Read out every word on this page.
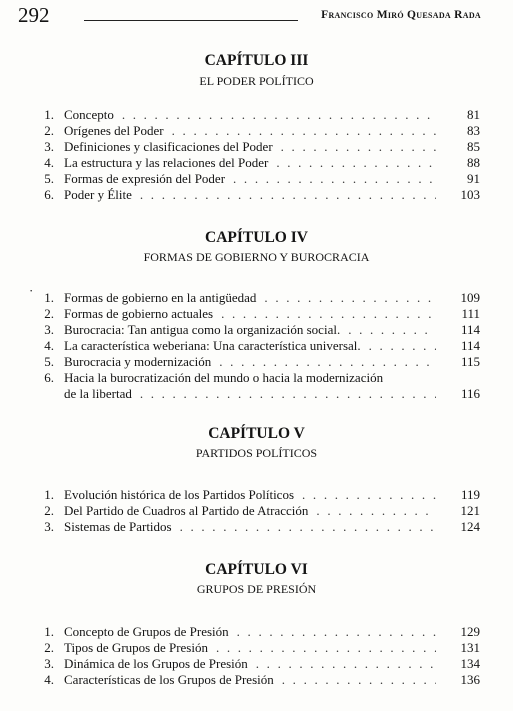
292	Francisco Miró Quesada Rada
CAPÍTULO III
EL PODER POLÍTICO
1. Concepto . . .	81
2. Orígenes del Poder . . .	83
3. Definiciones y clasificaciones del Poder . . .	85
4. La estructura y las relaciones del Poder . . .	88
5. Formas de expresión del Poder . . .	91
6. Poder y Élite . . .	103
CAPÍTULO IV
FORMAS DE GOBIERNO Y BUROCRACIA
· 1. Formas de gobierno en la antigüedad . . .	109
2. Formas de gobierno actuales . . .	111
3. Burocracia: Tan antigua como la organización social. . . .	114
4. La característica weberiana: Una característica universal. . . .	114
5. Burocracia y modernización . . .	115
6. Hacia la burocratización del mundo o hacia la modernización
de la libertad . . .	116
CAPÍTULO V
PARTIDOS POLÍTICOS
1. Evolución histórica de los Partidos Políticos . . .	119
2. Del Partido de Cuadros al Partido de Atracción . . .	121
3. Sistemas de Partidos . . .	124
CAPÍTULO VI
GRUPOS DE PRESIÓN
1. Concepto de Grupos de Presión . . .	129
2. Tipos de Grupos de Presión . . .	131
3. Dinámica de los Grupos de Presión . . .	134
4. Características de los Grupos de Presión . . .	136
